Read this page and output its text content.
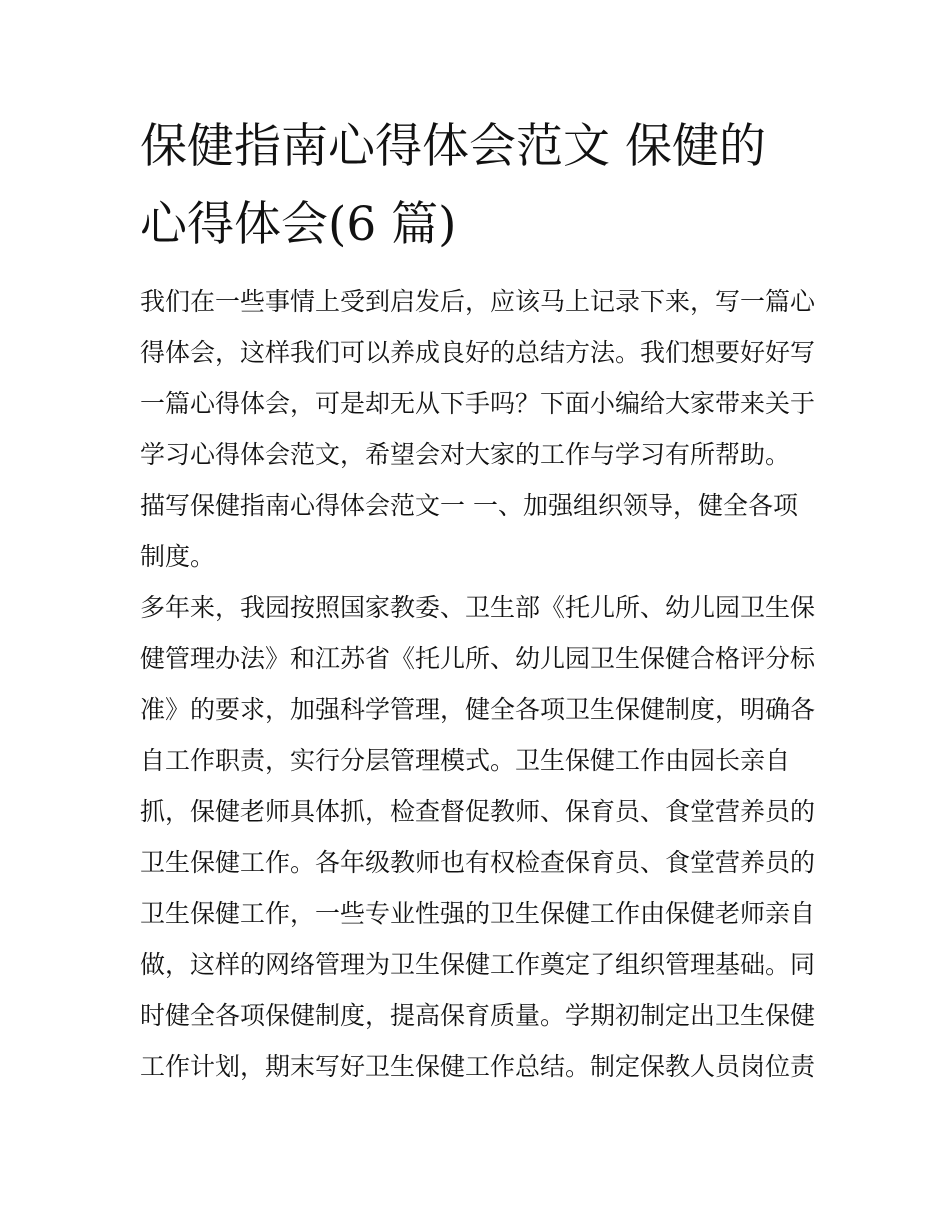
保健指南心得体会范文 保健的
心得体会(6 篇)
我们在一些事情上受到启发后，应该马上记录下来，写一篇心
得体会，这样我们可以养成良好的总结方法。我们想要好好写
一篇心得体会，可是却无从下手吗？下面小编给大家带来关于
学习心得体会范文，希望会对大家的工作与学习有所帮助。
描写保健指南心得体会范文一 一、加强组织领导，健全各项
制度。
多年来，我园按照国家教委、卫生部《托儿所、幼儿园卫生保
健管理办法》和江苏省《托儿所、幼儿园卫生保健合格评分标
准》的要求，加强科学管理，健全各项卫生保健制度，明确各
自工作职责，实行分层管理模式。卫生保健工作由园长亲自
抓，保健老师具体抓，检查督促教师、保育员、食堂营养员的
卫生保健工作。各年级教师也有权检查保育员、食堂营养员的
卫生保健工作，一些专业性强的卫生保健工作由保健老师亲自
做，这样的网络管理为卫生保健工作奠定了组织管理基础。同
时健全各项保健制度，提高保育质量。学期初制定出卫生保健
工作计划，期末写好卫生保健工作总结。制定保教人员岗位责
